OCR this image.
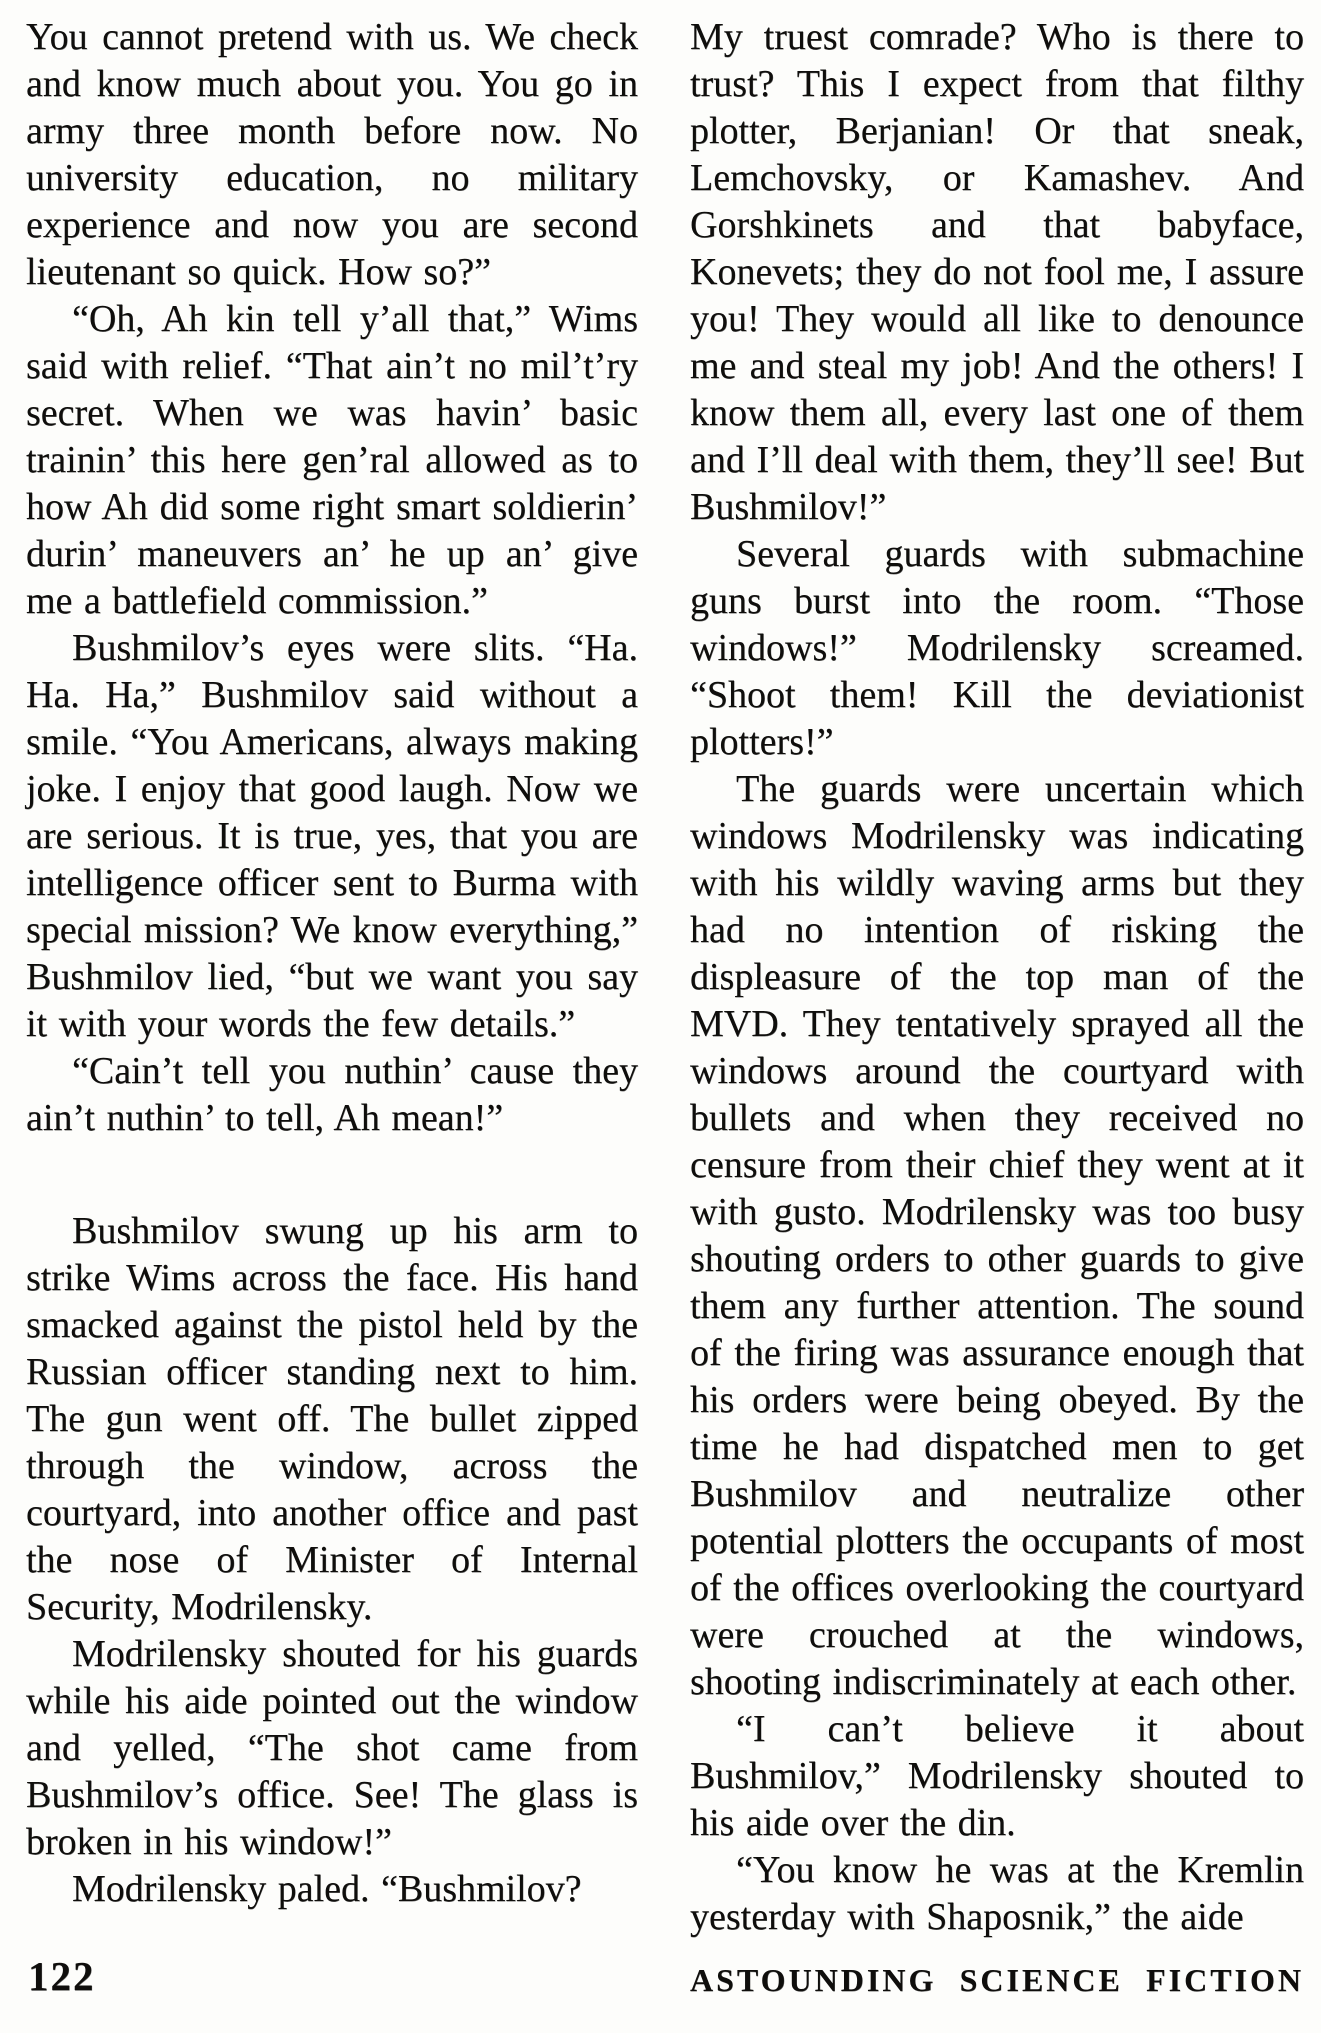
You cannot pretend with us. We check and know much about you. You go in army three month before now. No university education, no military experience and now you are second lieutenant so quick. How so?”

“Oh, Ah kin tell y’all that,” Wims said with relief. “That ain’t no mil’t’ry secret. When we was havin’ basic trainin’ this here gen’ral allowed as to how Ah did some right smart soldierin’ durin’ maneuvers an’ he up an’ give me a battlefield commission.”

Bushmilov’s eyes were slits. “Ha. Ha. Ha,” Bushmilov said without a smile. “You Americans, always making joke. I enjoy that good laugh. Now we are serious. It is true, yes, that you are intelligence officer sent to Burma with special mission? We know everything,” Bushmilov lied, “but we want you say it with your words the few details.”

“Cain’t tell you nuthin’ cause they ain’t nuthin’ to tell, Ah mean!”

Bushmilov swung up his arm to strike Wims across the face. His hand smacked against the pistol held by the Russian officer standing next to him. The gun went off. The bullet zipped through the window, across the courtyard, into another office and past the nose of Minister of Internal Security, Modrilensky.

Modrilensky shouted for his guards while his aide pointed out the window and yelled, “The shot came from Bushmilov’s office. See! The glass is broken in his window!”

Modrilensky paled. “Bushmilov?

My truest comrade? Who is there to trust? This I expect from that filthy plotter, Berjanian! Or that sneak, Lemchovsky, or Kamashev. And Gorshkinets and that babyface, Konevets; they do not fool me, I assure you! They would all like to denounce me and steal my job! And the others! I know them all, every last one of them and I’ll deal with them, they’ll see! But Bushmilov!”

Several guards with submachine guns burst into the room. “Those windows!” Modrilensky screamed. “Shoot them! Kill the deviationist plotters!”

The guards were uncertain which windows Modrilensky was indicating with his wildly waving arms but they had no intention of risking the displeasure of the top man of the MVD. They tentatively sprayed all the windows around the courtyard with bullets and when they received no censure from their chief they went at it with gusto. Modrilensky was too busy shouting orders to other guards to give them any further attention. The sound of the firing was assurance enough that his orders were being obeyed. By the time he had dispatched men to get Bushmilov and neutralize other potential plotters the occupants of most of the offices overlooking the courtyard were crouched at the windows, shooting indiscriminately at each other.

“I can’t believe it about Bushmilov,” Modrilensky shouted to his aide over the din.

“You know he was at the Kremlin yesterday with Shaposnik,” the aide

122	ASTOUNDING SCIENCE FICTION
